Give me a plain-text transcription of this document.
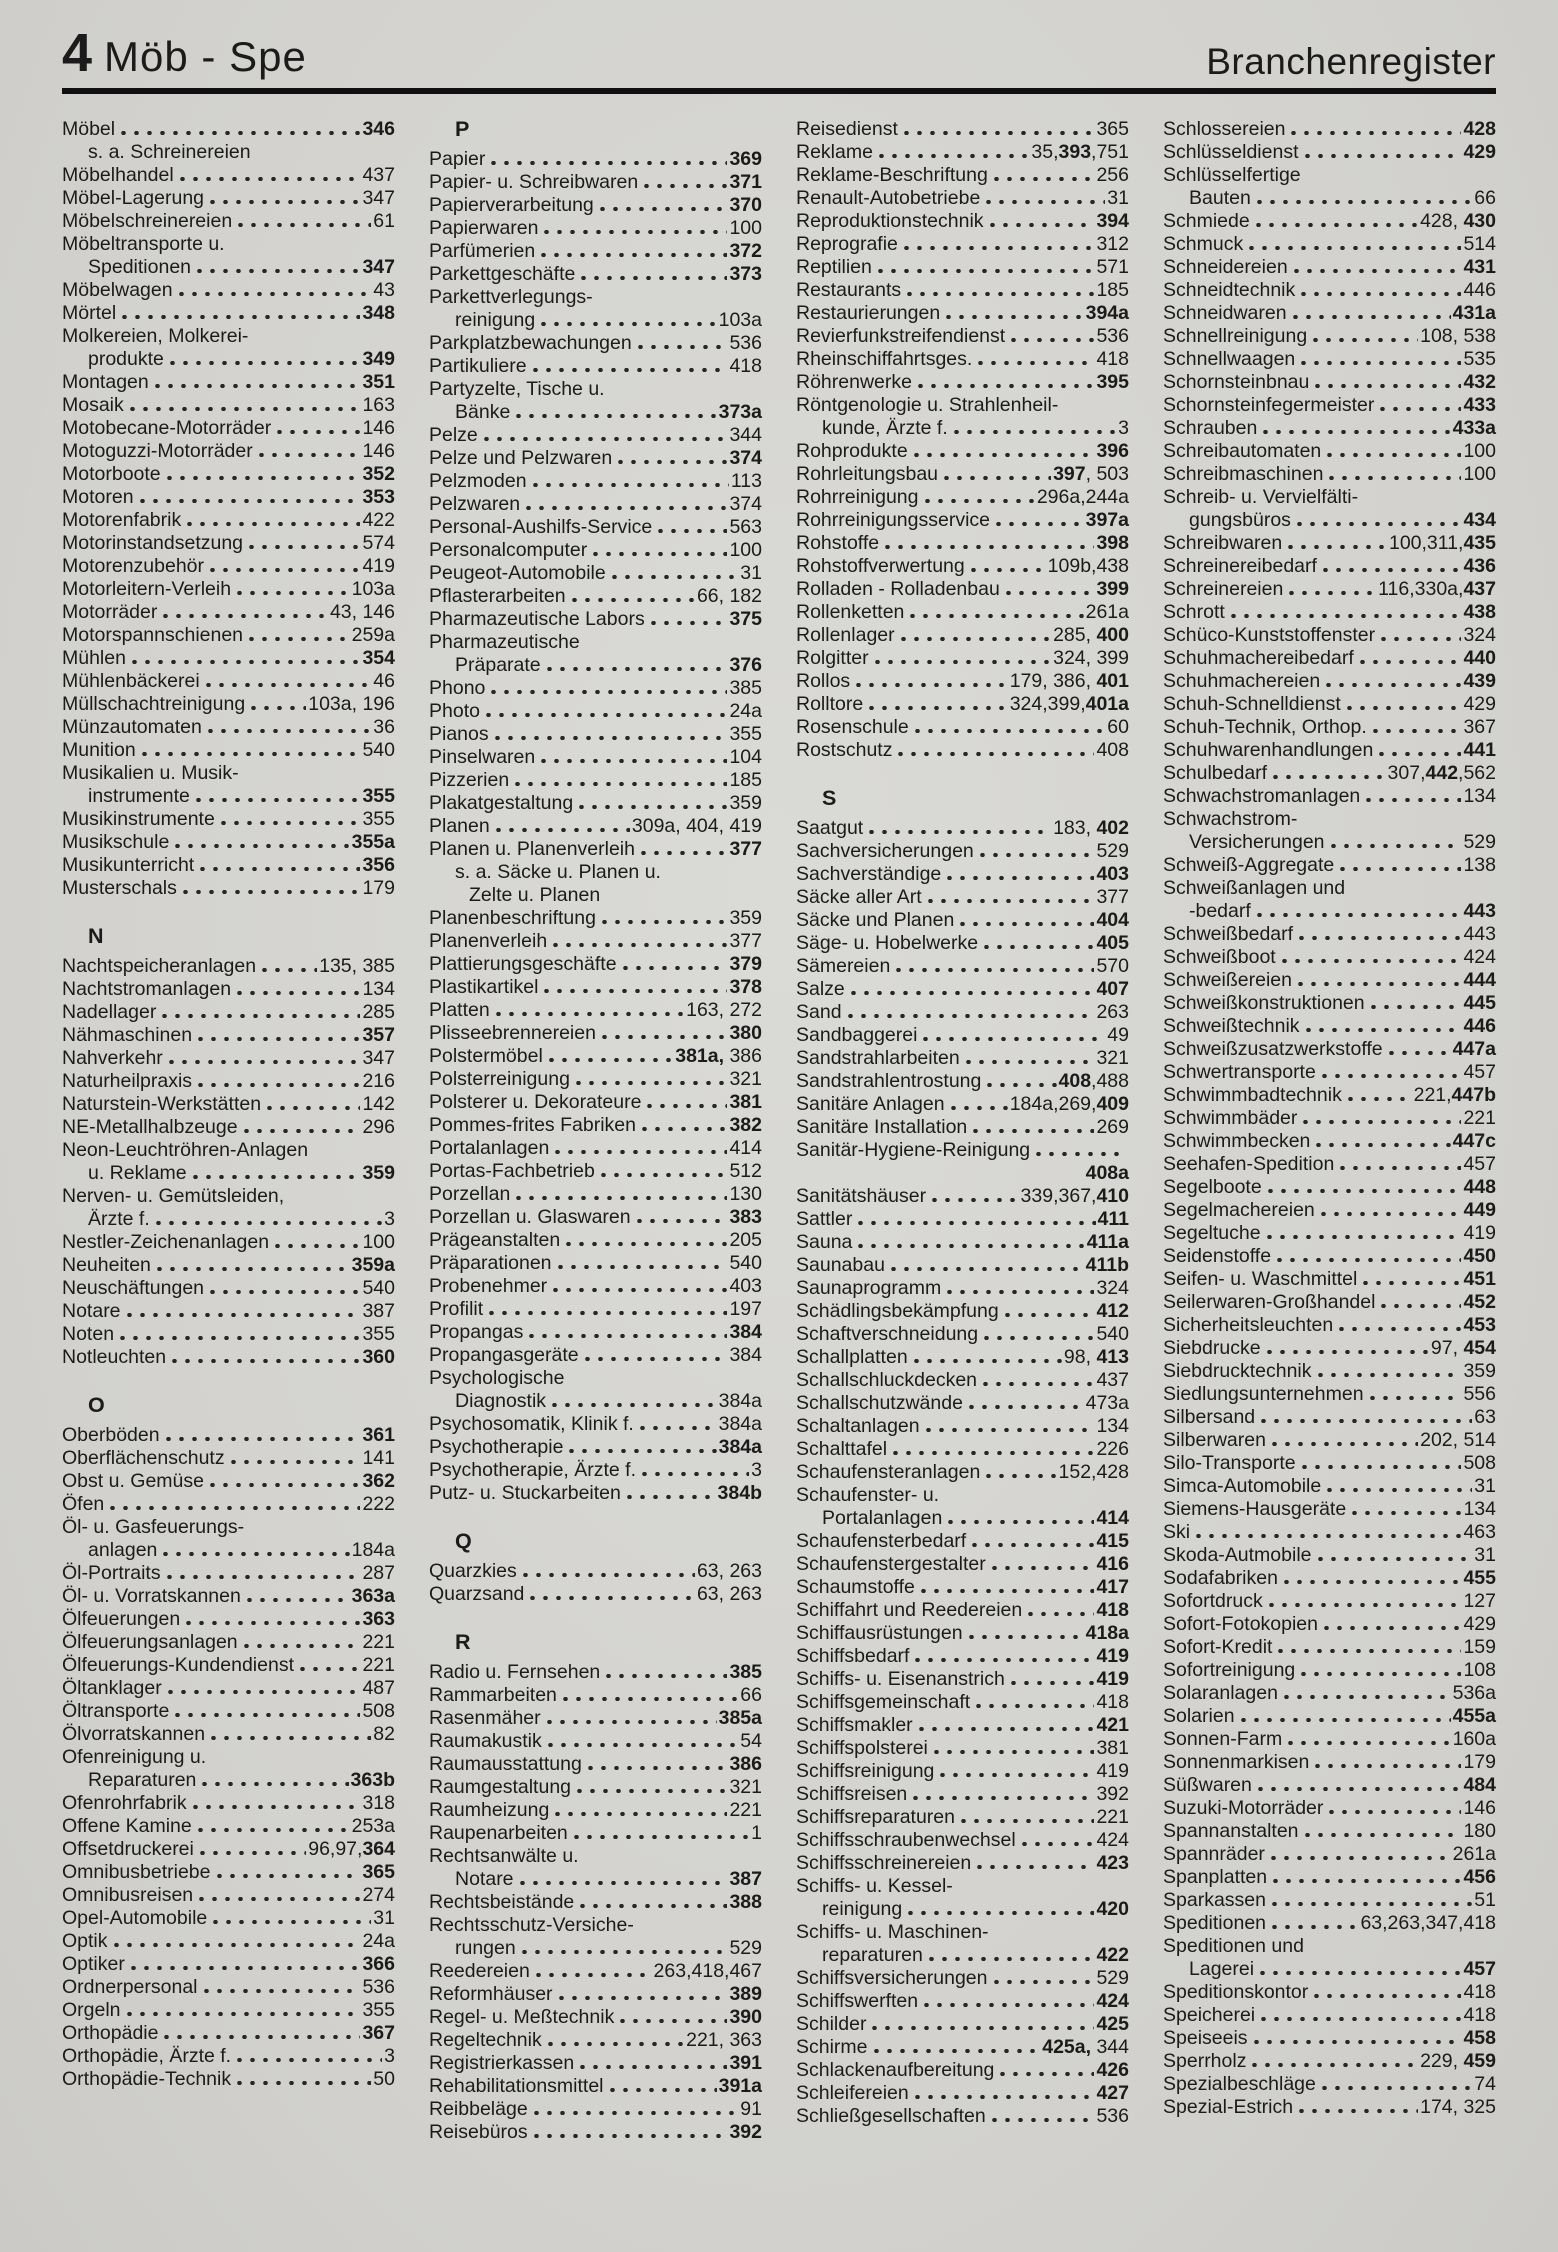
4 Möb - Spe	Branchenregister
Möbel	346
s. a. Schreinereien
Möbelhandel	437
Möbel-Lagerung	347
Möbelschreinereien	61
Möbeltransporte u.
Speditionen	347
Möbelwagen	43
Mörtel	348
Molkereien, Molkerei-
produkte	349
Montagen	351
Mosaik	163
Motobecane-Motorräder	146
Motoguzzi-Motorräder	146
Motorboote	352
Motoren	353
Motorenfabrik	422
Motorinstandsetzung	574
Motorenzubehör	419
Motorleitern-Verleih	103a
Motorräder	43, 146
Motorspannschienen	259a
Mühlen	354
Mühlenbäckerei	46
Müllschachtreinigung	103a, 196
Münzautomaten	36
Munition	540
Musikalien u. Musik-
instrumente	355
Musikinstrumente	355
Musikschule	355a
Musikunterricht	356
Musterschals	179
N
Nachtspeicheranlagen	135, 385
Nachtstromanlagen	134
Nadellager	285
Nähmaschinen	357
Nahverkehr	347
Naturheilpraxis	216
Naturstein-Werkstätten	142
NE-Metallhalbzeuge	296
Neon-Leuchtröhren-Anlagen
u. Reklame	359
Nerven- u. Gemütsleiden,
Ärzte f.	3
Nestler-Zeichenanlagen	100
Neuheiten	359a
Neuschäftungen	540
Notare	387
Noten	355
Notleuchten	360
O
Oberböden	361
Oberflächenschutz	141
Obst u. Gemüse	362
Öfen	222
Öl- u. Gasfeuerungs-
anlagen	184a
Öl-Portraits	287
Öl- u. Vorratskannen	363a
Ölfeuerungen	363
Ölfeuerungsanlagen	221
Ölfeuerungs-Kundendienst	221
Öltanklager	487
Öltransporte	508
Ölvorratskannen	82
Ofenreinigung u.
Reparaturen	363b
Ofenrohrfabrik	318
Offene Kamine	253a
Offsetdruckerei	96,97,364
Omnibusbetriebe	365
Omnibusreisen	274
Opel-Automobile	31
Optik	24a
Optiker	366
Ordnerpersonal	536
Orgeln	355
Orthopädie	367
Orthopädie, Ärzte f.	3
Orthopädie-Technik	50
P
Papier	369
Papier- u. Schreibwaren	371
Papierverarbeitung	370
Papierwaren	100
Parfümerien	372
Parkettgeschäfte	373
Parkettverlegungs-
reinigung	103a
Parkplatzbewachungen	536
Partikuliere	418
Partyzelte, Tische u.
Bänke	373a
Pelze	344
Pelze und Pelzwaren	374
Pelzmoden	113
Pelzwaren	374
Personal-Aushilfs-Service	563
Personalcomputer	100
Peugeot-Automobile	31
Pflasterarbeiten	66, 182
Pharmazeutische Labors	375
Pharmazeutische
Präparate	376
Phono	385
Photo	24a
Pianos	355
Pinselwaren	104
Pizzerien	185
Plakatgestaltung	359
Planen	309a, 404, 419
Planen u. Planenverleih	377
s. a. Säcke u. Planen u.
Zelte u. Planen
Planenbeschriftung	359
Planenverleih	377
Plattierungsgeschäfte	379
Plastikartikel	378
Platten	163, 272
Plisseebrennereien	380
Polstermöbel	381a, 386
Polsterreinigung	321
Polsterer u. Dekorateure	381
Pommes-frites Fabriken	382
Portalanlagen	414
Portas-Fachbetrieb	512
Porzellan	130
Porzellan u. Glaswaren	383
Prägeanstalten	205
Präparationen	540
Probenehmer	403
Profilit	197
Propangas	384
Propangasgeräte	384
Psychologische
Diagnostik	384a
Psychosomatik, Klinik f.	384a
Psychotherapie	384a
Psychotherapie, Ärzte f.	3
Putz- u. Stuckarbeiten	384b
Q
Quarzkies	63, 263
Quarzsand	63, 263
R
Radio u. Fernsehen	385
Rammarbeiten	66
Rasenmäher	385a
Raumakustik	54
Raumausstattung	386
Raumgestaltung	321
Raumheizung	221
Raupenarbeiten	1
Rechtsanwälte u.
Notare	387
Rechtsbeistände	388
Rechtsschutz-Versiche-
rungen	529
Reedereien	263,418,467
Reformhäuser	389
Regel- u. Meßtechnik	390
Regeltechnik	221, 363
Registrierkassen	391
Rehabilitationsmittel	391a
Reibbeläge	91
Reisebüros	392
Reisedienst	365
Reklame	35,393,751
Reklame-Beschriftung	256
Renault-Autobetriebe	31
Reproduktionstechnik	394
Reprografie	312
Reptilien	571
Restaurants	185
Restaurierungen	394a
Revierfunkstreifendienst	536
Rheinschiffahrtsges.	418
Röhrenwerke	395
Röntgenologie u. Strahlenheil-
kunde, Ärzte f.	3
Rohprodukte	396
Rohrleitungsbau	397, 503
Rohrreinigung	296a,244a
Rohrreinigungsservice	397a
Rohstoffe	398
Rohstoffverwertung	109b,438
Rolladen - Rolladenbau	399
Rollenketten	261a
Rollenlager	285, 400
Rolgitter	324, 399
Rollos	179, 386, 401
Rolltore	324,399,401a
Rosenschule	60
Rostschutz	408
S
Saatgut	183, 402
Sachversicherungen	529
Sachverständige	403
Säcke aller Art	377
Säcke und Planen	404
Säge- u. Hobelwerke	405
Sämereien	570
Salze	407
Sand	263
Sandbaggerei	49
Sandstrahlarbeiten	321
Sandstrahlentrostung	408,488
Sanitäre Anlagen	184a,269,409
Sanitäre Installation	269
Sanitär-Hygiene-Reinigung
408a
Sanitätshäuser	339,367,410
Sattler	411
Sauna	411a
Saunabau	411b
Saunaprogramm	324
Schädlingsbekämpfung	412
Schaftverschneidung	540
Schallplatten	98, 413
Schallschluckdecken	437
Schallschutzwände	473a
Schaltanlagen	134
Schalttafel	226
Schaufensteranlagen	152,428
Schaufenster- u.
Portalanlagen	414
Schaufensterbedarf	415
Schaufenstergestalter	416
Schaumstoffe	417
Schiffahrt und Reedereien	418
Schiffausrüstungen	418a
Schiffsbedarf	419
Schiffs- u. Eisenanstrich	419
Schiffsgemeinschaft	418
Schiffsmakler	421
Schiffspolsterei	381
Schiffsreinigung	419
Schiffsreisen	392
Schiffsreparaturen	221
Schiffsschraubenwechsel	424
Schiffsschreinereien	423
Schiffs- u. Kessel-
reinigung	420
Schiffs- u. Maschinen-
reparaturen	422
Schiffsversicherungen	529
Schiffswerften	424
Schilder	425
Schirme	425a, 344
Schlackenaufbereitung	426
Schleifereien	427
Schließgesellschaften	536
Schlossereien	428
Schlüsseldienst	429
Schlüsselfertige
Bauten	66
Schmiede	428, 430
Schmuck	514
Schneidereien	431
Schneidtechnik	446
Schneidwaren	431a
Schnellreinigung	108, 538
Schnellwaagen	535
Schornsteinbnau	432
Schornsteinfegermeister	433
Schrauben	433a
Schreibautomaten	100
Schreibmaschinen	100
Schreib- u. Vervielfälti-
gungsbüros	434
Schreibwaren	100,311,435
Schreinereibedarf	436
Schreinereien	116,330a,437
Schrott	438
Schüco-Kunststoffenster	324
Schuhmachereibedarf	440
Schuhmachereien	439
Schuh-Schnelldienst	429
Schuh-Technik, Orthop.	367
Schuhwarenhandlungen	441
Schulbedarf	307,442,562
Schwachstromanlagen	134
Schwachstrom-
Versicherungen	529
Schweiß-Aggregate	138
Schweißanlagen und
-bedarf	443
Schweißbedarf	443
Schweißboot	424
Schweißereien	444
Schweißkonstruktionen	445
Schweißtechnik	446
Schweißzusatzwerkstoffe	447a
Schwertransporte	457
Schwimmbadtechnik	221,447b
Schwimmbäder	221
Schwimmbecken	447c
Seehafen-Spedition	457
Segelboote	448
Segelmachereien	449
Segeltuche	419
Seidenstoffe	450
Seifen- u. Waschmittel	451
Seilerwaren-Großhandel	452
Sicherheitsleuchten	453
Siebdrucke	97, 454
Siebdrucktechnik	359
Siedlungsunternehmen	556
Silbersand	63
Silberwaren	202, 514
Silo-Transporte	508
Simca-Automobile	31
Siemens-Hausgeräte	134
Ski	463
Skoda-Autmobile	31
Sodafabriken	455
Sofortdruck	127
Sofort-Fotokopien	429
Sofort-Kredit	159
Sofortreinigung	108
Solaranlagen	536a
Solarien	455a
Sonnen-Farm	160a
Sonnenmarkisen	179
Süßwaren	484
Suzuki-Motorräder	146
Spannanstalten	180
Spannräder	261a
Spanplatten	456
Sparkassen	51
Speditionen	63,263,347,418
Speditionen und
Lagerei	457
Speditionskontor	418
Speicherei	418
Speiseeis	458
Sperrholz	229, 459
Spezialbeschläge	74
Spezial-Estrich	174, 325
